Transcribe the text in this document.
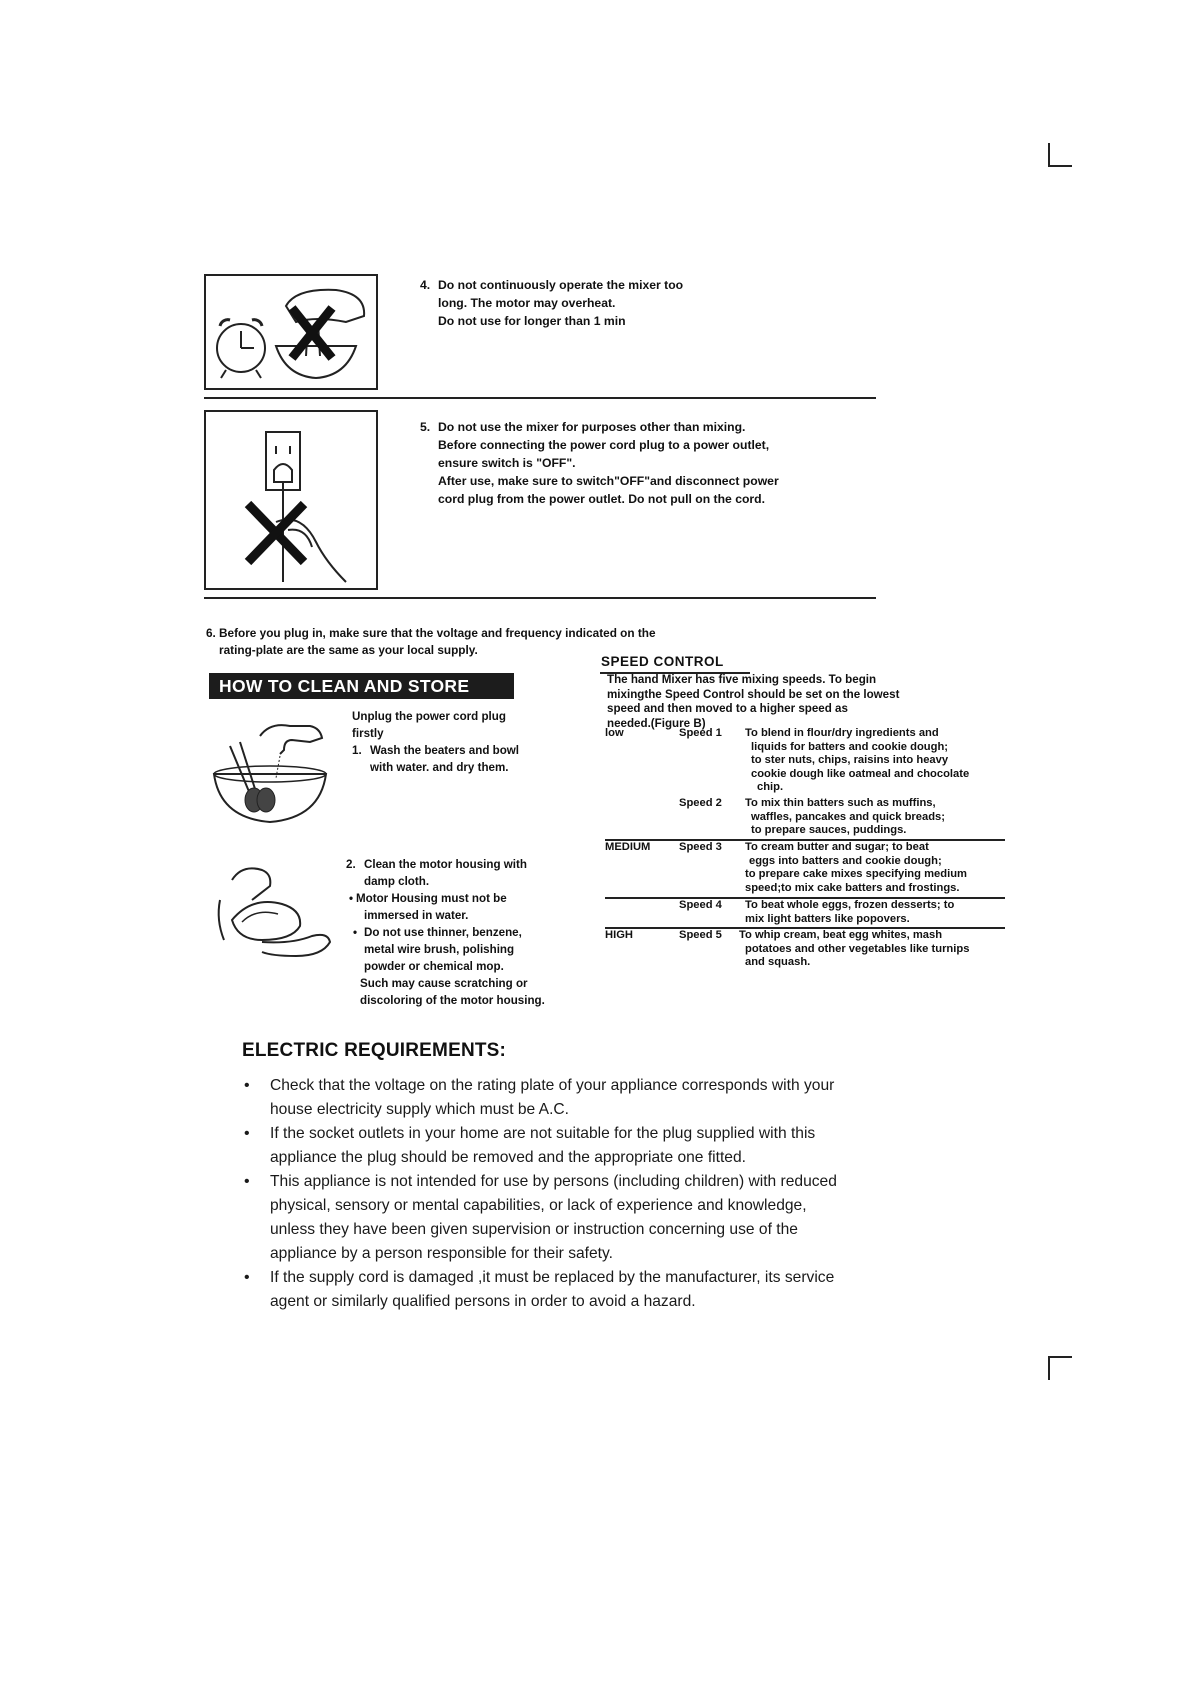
4. Do not continuously operate the mixer too
long. The motor may overheat.
Do not use for longer than 1 min
5. Do not use the mixer for purposes other than mixing.
Before connecting the power cord plug to a power outlet,
ensure switch is "OFF".
After use, make sure to switch"OFF"and disconnect power
cord plug from the power outlet. Do not pull on the cord.
6. Before you plug in, make sure that the voltage and frequency indicated on the
rating-plate are the same as your local supply.
HOW TO CLEAN AND STORE
Unplug the power cord plug
firstly
1. Wash the beaters and bowl
with water. and dry them.
2. Clean the motor housing with
damp cloth.
• Motor Housing must not be
immersed in water.
• Do not use thinner, benzene,
metal wire brush, polishing
powder or chemical mop.
Such may cause scratching or
discoloring of the motor housing.
SPEED CONTROL
The hand Mixer has five mixing speeds. To begin
mixingthe Speed Control should be set on the lowest
speed and then moved to a higher speed as
needed.(Figure B)
low	Speed 1 To blend in flour/dry ingredients and
liquids for batters and cookie dough;
to ster nuts, chips, raisins into heavy
cookie dough like oatmeal and chocolate
chip.
Speed 2 To mix thin batters such as muffins,
waffles, pancakes and quick breads;
to prepare sauces, puddings.
MEDIUM	Speed 3 To cream butter and sugar; to beat
eggs into batters and cookie dough;
to prepare cake mixes specifying medium
speed;to mix cake batters and frostings.
Speed 4 To beat whole eggs, frozen desserts; to
mix light batters like popovers.
HIGH	Speed 5 To whip cream, beat egg whites, mash
potatoes and other vegetables like turnips
and squash.
ELECTRIC REQUIREMENTS:
• Check that the voltage on the rating plate of your appliance corresponds with your
house electricity supply which must be A.C.
• If the socket outlets in your home are not suitable for the plug supplied with this
appliance the plug should be removed and the appropriate one fitted.
• This appliance is not intended for use by persons (including children) with reduced
physical, sensory or mental capabilities, or lack of experience and knowledge,
unless they have been given supervision or instruction concerning use of the
appliance by a person responsible for their safety.
• If the supply cord is damaged ,it must be replaced by the manufacturer, its service
agent or similarly qualified persons in order to avoid a hazard.
